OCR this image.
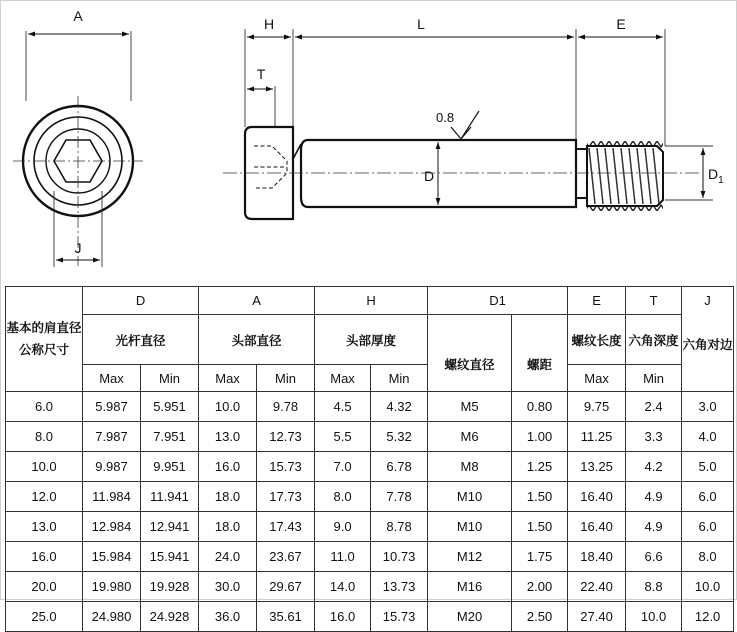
A
J
H	L	E
T
D	$D_1$
0.8
基本的肩直径公称尺寸	D		A		H		D1		E	T	J
六角对边
	光杆直径		头部直径		头部厚度		螺纹直径	螺距	螺纹长度	六角深度	
	Max	Min	Max	Min	Max	Min			Max	Min	
6.0	5.987	5.951	10.0	9.78	4.5	4.32	M5	0.80	9.75	2.4	3.0
8.0	7.987	7.951	13.0	12.73	5.5	5.32	M6	1.00	11.25	3.3	4.0
10.0	9.987	9.951	16.0	15.73	7.0	6.78	M8	1.25	13.25	4.2	5.0
12.0	11.984	11.941	18.0	17.73	8.0	7.78	M10	1.50	16.40	4.9	6.0
13.0	12.984	12.941	18.0	17.43	9.0	8.78	M10	1.50	16.40	4.9	6.0
16.0	15.984	15.941	24.0	23.67	11.0	10.73	M12	1.75	18.40	6.6	8.0
20.0	19.980	19.928	30.0	29.67	14.0	13.73	M16	2.00	22.40	8.8	10.0
25.0	24.980	24.928	36.0	35.61	16.0	15.73	M20	2.50	27.40	10.0	12.0
